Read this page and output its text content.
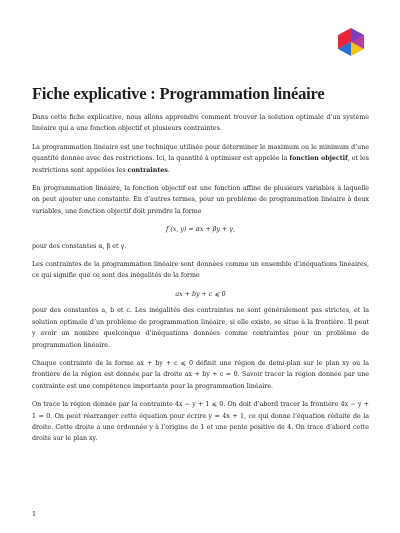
Fiche explicative : Programmation linéaire

Dans cette fiche explicative, nous allons apprendre comment trouver la solution optimale d’un système linéaire qui a une fonction objectif et plusieurs contraintes.

La programmation linéaire est une technique utilisée pour déterminer le maximum ou le minimum d’une quantité donnée avec des restrictions. Ici, la quantité à optimiser est appelée la fonction objectif, et les restrictions sont appelées les contraintes.

En programmation linéaire, la fonction objectif est une fonction affine de plusieurs variables à laquelle on peut ajouter une constante. En d’autres termes, pour un problème de programmation linéaire à deux variables, une fonction objectif doit prendre la forme

f (x, y) = αx + βy + γ,

pour des constantes α, β et γ.

Les contraintes de la programmation linéaire sont données comme un ensemble d’inéquations linéaires, ce qui signifie que ce sont des inégalités de la forme

ax + by + c ⩽ 0

pour des constantes a, b et c. Les inégalités des contraintes ne sont généralement pas strictes, et la solution optimale d’un problème de programmation linéaire, si elle existe, se situe à la frontière. Il peut y avoir un nombre quelconque d’inéquations données comme contraintes pour un problème de programmation linéaire.

Chaque contrainte de la forme ax + by + c ⩽ 0 définit une région de demi-plan sur le plan xy où la frontière de la région est donnée par la droite ax + by + c = 0. Savoir tracer la région donnée par une contrainte est une compétence importante pour la programmation linéaire.

On trace la région donnée par la contrainte 4x − y + 1 ⩽ 0. On doit d’abord tracer la frontière 4x − y + 1 = 0. On peut réarranger cette équation pour écrire y = 4x + 1, ce qui donne l’équation réduite de la droite. Cette droite a une ordonnée y à l’origine de 1 et une pente positive de 4. On trace d’abord cette droite sur le plan xy.

1
